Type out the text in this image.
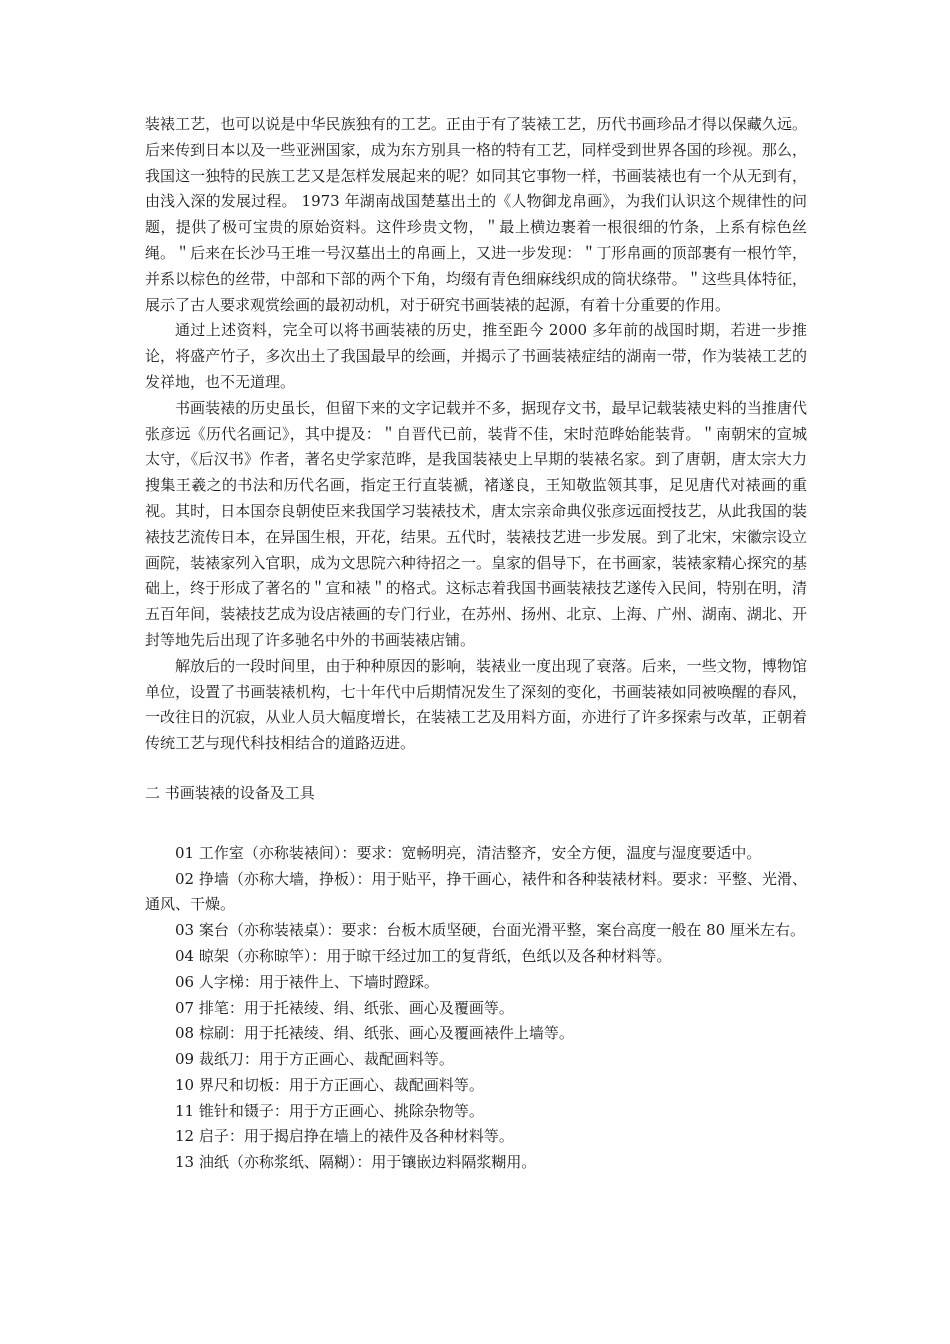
装裱工艺，也可以说是中华民族独有的工艺。正由于有了装裱工艺，历代书画珍品才得以保藏久远。后来传到日本以及一些亚洲国家，成为东方别具一格的特有工艺，同样受到世界各国的珍视。那么，我国这一独特的民族工艺又是怎样发展起来的呢？如同其它事物一样，书画装裱也有一个从无到有，由浅入深的发展过程。 1973 年湖南战国楚墓出土的《人物御龙帛画》，为我们认识这个规律性的问题，提供了极可宝贵的原始资料。这件珍贵文物，＂最上横边裹着一根很细的竹条，上系有棕色丝绳。＂后来在长沙马王堆一号汉墓出土的帛画上，又进一步发现：＂丁形帛画的顶部裹有一根竹竿，并系以棕色的丝带，中部和下部的两个下角，均缀有青色细麻线织成的筒状绦带。＂这些具体特征，展示了古人要求观赏绘画的最初动机，对于研究书画装裱的起源，有着十分重要的作用。

通过上述资料，完全可以将书画装裱的历史，推至距今 2000 多年前的战国时期，若进一步推论，将盛产竹子，多次出土了我国最早的绘画，并揭示了书画装裱症结的湖南一带，作为装裱工艺的发祥地，也不无道理。

书画装裱的历史虽长，但留下来的文字记载并不多，据现存文书，最早记载装裱史料的当推唐代张彦远《历代名画记》，其中提及：＂自晋代已前，装背不佳，宋时范晔始能装背。＂南朝宋的宣城太守，《后汉书》作者，著名史学家范晔，是我国装裱史上早期的装裱名家。到了唐朝，唐太宗大力搜集王羲之的书法和历代名画，指定王行直装褫，褚遂良，王知敬监领其事，足见唐代对裱画的重视。其时，日本国奈良朝使臣来我国学习装裱技术，唐太宗亲命典仪张彦远面授技艺，从此我国的装裱技艺流传日本，在异国生根，开花，结果。五代时，装裱技艺进一步发展。到了北宋，宋徽宗设立画院，装裱家列入官职，成为文思院六种待招之一。皇家的倡导下，在书画家，装裱家精心探究的基础上，终于形成了著名的＂宣和裱＂的格式。这标志着我国书画装裱技艺遂传入民间，特别在明，清五百年间，装裱技艺成为设店裱画的专门行业，在苏州、扬州、北京、上海、广州、湖南、湖北、开封等地先后出现了许多驰名中外的书画装裱店铺。

解放后的一段时间里，由于种种原因的影响，装裱业一度出现了衰落。后来，一些文物，博物馆单位，设置了书画装裱机构，七十年代中后期情况发生了深刻的变化，书画装裱如同被唤醒的春风，一改往日的沉寂，从业人员大幅度增长，在装裱工艺及用料方面，亦进行了许多探索与改革，正朝着传统工艺与现代科技相结合的道路迈进。

二 书画装裱的设备及工具

01 工作室（亦称装裱间）：要求：宽畅明亮，清洁整齐，安全方便，温度与湿度要适中。

02 挣墙（亦称大墙，挣板）：用于贴平，挣干画心，裱件和各种装裱材料。要求：平整、光滑、通风、干燥。

03 案台（亦称装裱桌）：要求：台板木质坚硬，台面光滑平整，案台高度一般在 80 厘米左右。

04 晾架（亦称晾竿）：用于晾干经过加工的复背纸，色纸以及各种材料等。

06 人字梯：用于裱件上、下墙时蹬踩。

07 排笔：用于托裱绫、绢、纸张、画心及覆画等。

08 棕刷：用于托裱绫、绢、纸张、画心及覆画裱件上墙等。

09 裁纸刀：用于方正画心、裁配画料等。

10 界尺和切板：用于方正画心、裁配画料等。

11 锥针和镊子：用于方正画心、挑除杂物等。

12 启子：用于揭启挣在墙上的裱件及各种材料等。

13 油纸（亦称浆纸、隔糊）：用于镶嵌边料隔浆糊用。
